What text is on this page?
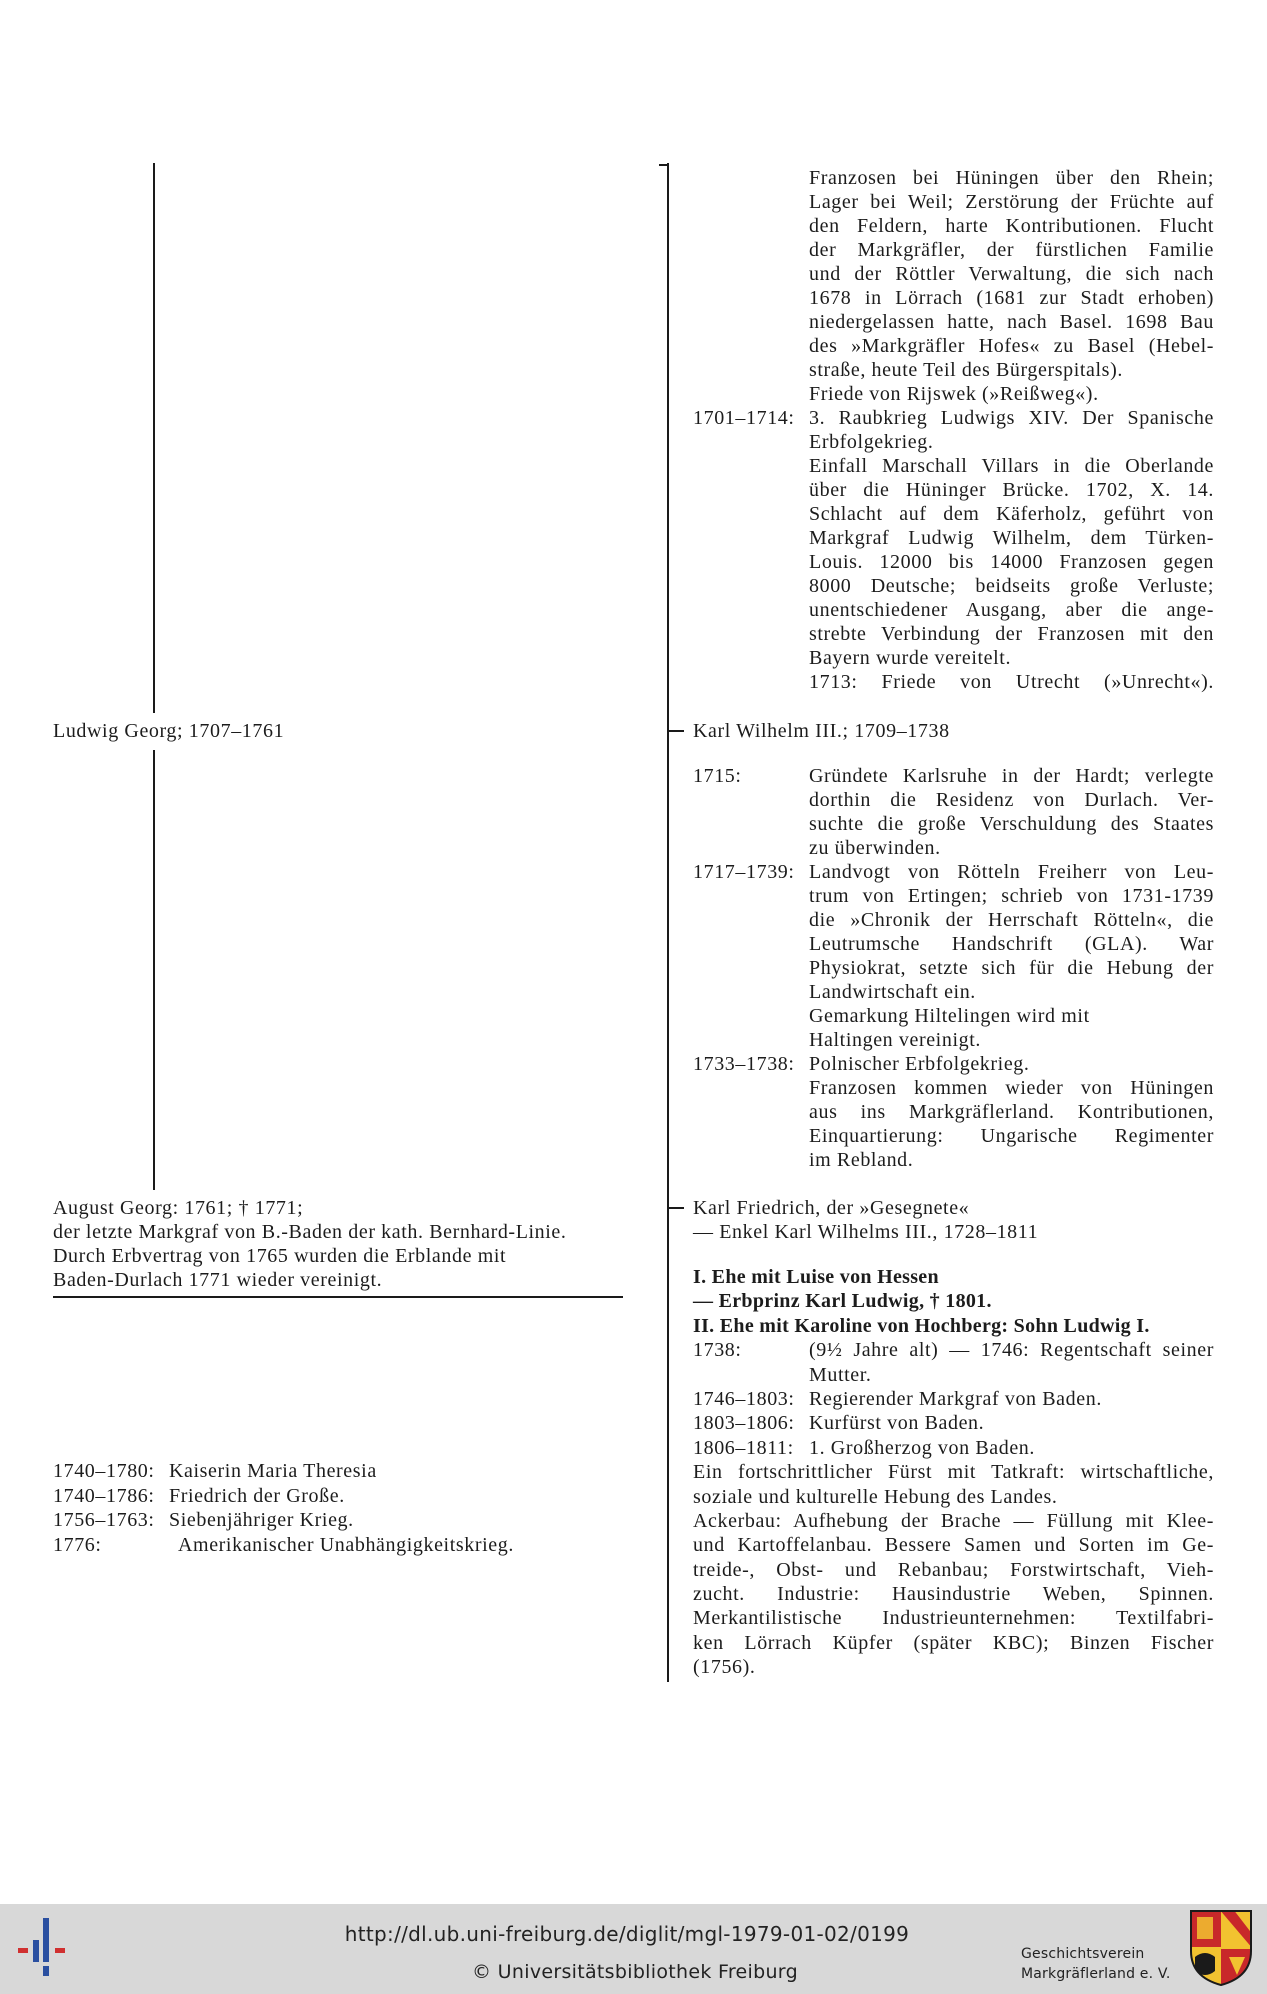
Ludwig Georg; 1707–1761
August Georg: 1761; † 1771;
der letzte Markgraf von B.-Baden der kath. Bernhard-Linie.
Durch Erbvertrag von 1765 wurden die Erblande mit
Baden-Durlach 1771 wieder vereinigt.
1740–1780: Kaiserin Maria Theresia
1740–1786: Friedrich der Große.
1756–1763: Siebenjähriger Krieg.
1776:	Amerikanischer Unabhängigkeitskrieg.
Franzosen bei Hüningen über den Rhein;
Lager bei Weil; Zerstörung der Früchte auf
den Feldern, harte Kontributionen. Flucht
der Markgräfler, der fürstlichen Familie
und der Röttler Verwaltung, die sich nach
1678 in Lörrach (1681 zur Stadt erhoben)
niedergelassen hatte, nach Basel. 1698 Bau
des »Markgräfler Hofes« zu Basel (Hebel-
straße, heute Teil des Bürgerspitals).
Friede von Rijswek (»Reißweg«).
1701–1714: 3. Raubkrieg Ludwigs XIV. Der Spanische
Erbfolgekrieg.
Einfall Marschall Villars in die Oberlande
über die Hüninger Brücke. 1702, X. 14.
Schlacht auf dem Käferholz, geführt von
Markgraf Ludwig Wilhelm, dem Türken-
Louis. 12000 bis 14000 Franzosen gegen
8000 Deutsche; beidseits große Verluste;
unentschiedener Ausgang, aber die ange-
strebte Verbindung der Franzosen mit den
Bayern wurde vereitelt.
1713: Friede von Utrecht (»Unrecht«).
Karl Wilhelm III.; 1709–1738
1715:	Gründete Karlsruhe in der Hardt; verlegte
dorthin die Residenz von Durlach. Ver-
suchte die große Verschuldung des Staates
zu überwinden.
1717–1739: Landvogt von Rötteln Freiherr von Leu-
trum von Ertingen; schrieb von 1731-1739
die »Chronik der Herrschaft Rötteln«, die
Leutrumsche Handschrift (GLA). War
Physiokrat, setzte sich für die Hebung der
Landwirtschaft ein.
Gemarkung Hiltelingen wird mit
Haltingen vereinigt.
1733–1738: Polnischer Erbfolgekrieg.
Franzosen kommen wieder von Hüningen
aus ins Markgräflerland. Kontributionen,
Einquartierung: Ungarische Regimenter
im Rebland.
Karl Friedrich, der »Gesegnete«
— Enkel Karl Wilhelms III., 1728–1811
I. Ehe mit Luise von Hessen
— Erbprinz Karl Ludwig, † 1801.
II. Ehe mit Karoline von Hochberg: Sohn Ludwig I.
1738:	(9½ Jahre alt) — 1746: Regentschaft seiner
Mutter.
1746–1803: Regierender Markgraf von Baden.
1803–1806: Kurfürst von Baden.
1806–1811: 1. Großherzog von Baden.
Ein fortschrittlicher Fürst mit Tatkraft: wirtschaftliche,
soziale und kulturelle Hebung des Landes.
Ackerbau: Aufhebung der Brache — Füllung mit Klee-
und Kartoffelanbau. Bessere Samen und Sorten im Ge-
treide-, Obst- und Rebanbau; Forstwirtschaft, Vieh-
zucht. Industrie: Hausindustrie Weben, Spinnen.
Merkantilistische Industrieunternehmen: Textilfabri-
ken Lörrach Küpfer (später KBC); Binzen Fischer
(1756).
http://dl.ub.uni-freiburg.de/diglit/mgl-1979-01-02/0199
© Universitätsbibliothek Freiburg
Geschichtsverein
Markgräflerland e. V.
